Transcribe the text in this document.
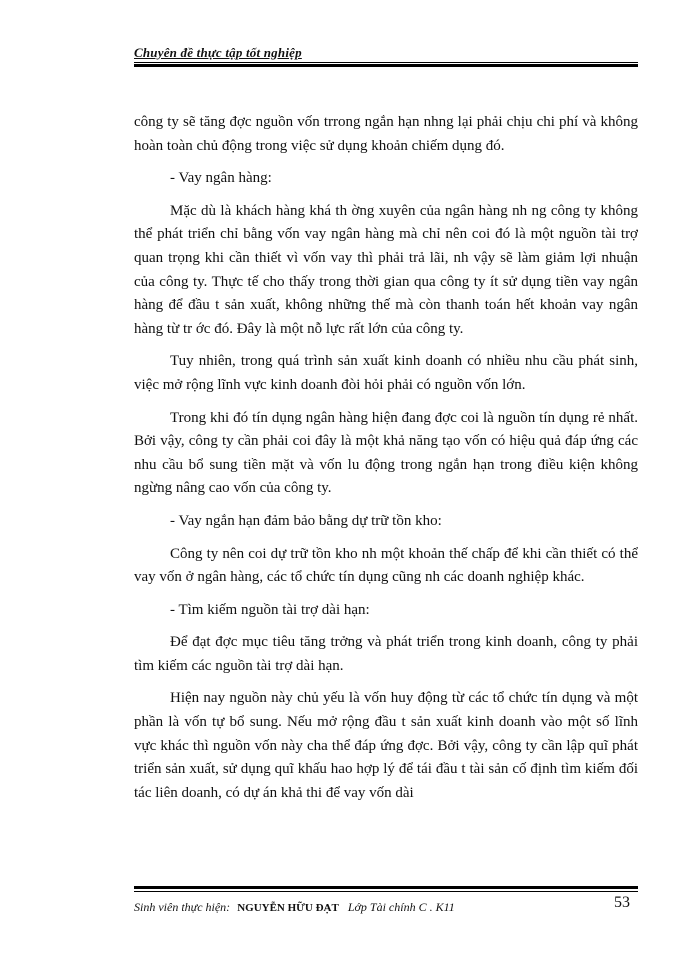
Chuyên đề thực tập tốt nghiệp

công ty sẽ tăng đợc nguồn vốn trrong ngắn hạn nhng lại phải chịu chi phí và không hoàn toàn chủ động trong việc sử dụng khoản chiếm dụng đó.

- Vay ngân hàng:

Mặc dù là khách hàng khá th ờng xuyên của ngân hàng nh ng công ty không thể phát triển chỉ bằng vốn vay ngân hàng mà chỉ nên coi đó là một nguồn tài trợ quan trọng khi cần thiết vì vốn vay thì phải trả lãi, nh vậy sẽ làm giảm lợi nhuận của công ty. Thực tế cho thấy trong thời gian qua công ty ít sử dụng tiền vay ngân hàng để đầu t sản xuất, không những thế mà còn thanh toán hết khoản vay ngân hàng từ tr ớc đó. Đây là một nỗ lực rất lớn của công ty.

Tuy nhiên, trong quá trình sản xuất kinh doanh có nhiều nhu cầu phát sinh, việc mở rộng lĩnh vực kinh doanh đòi hỏi phải có nguồn vốn lớn.

Trong khi đó tín dụng ngân hàng hiện đang đợc coi là nguồn tín dụng rẻ nhất. Bởi vậy, công ty cần phải coi đây là một khả năng tạo vốn có hiệu quả đáp ứng các nhu cầu bổ sung tiền mặt và vốn lu động trong ngắn hạn trong điều kiện không ngừng nâng cao vốn của công ty.

- Vay ngắn hạn đảm bảo bằng dự trữ tồn kho:

Công ty nên coi dự trữ tồn kho nh một khoản thế chấp để khi cần thiết có thể vay vốn ở ngân hàng, các tổ chức tín dụng cũng nh các doanh nghiệp khác.

- Tìm kiếm nguồn tài trợ dài hạn:

Để đạt đợc mục tiêu tăng trởng và phát triển trong kinh doanh, công ty phải tìm kiếm các nguồn tài trợ dài hạn.

Hiện nay nguồn này chủ yếu là vốn huy động từ các tổ chức tín dụng và một phần là vốn tự bổ sung. Nếu mở rộng đầu t sản xuất kinh doanh vào một số lĩnh vực khác thì nguồn vốn này cha thể đáp ứng đợc. Bởi vậy, công ty cần lập quĩ phát triển sản xuất, sử dụng quĩ khấu hao hợp lý để tái đầu t tài sản cố định tìm kiếm đối tác liên doanh, có dự án khả thi để vay vốn dài

Sinh viên thực hiện: NGUYỄN HỮU ĐẠT Lớp Tài chính C . K11	53
